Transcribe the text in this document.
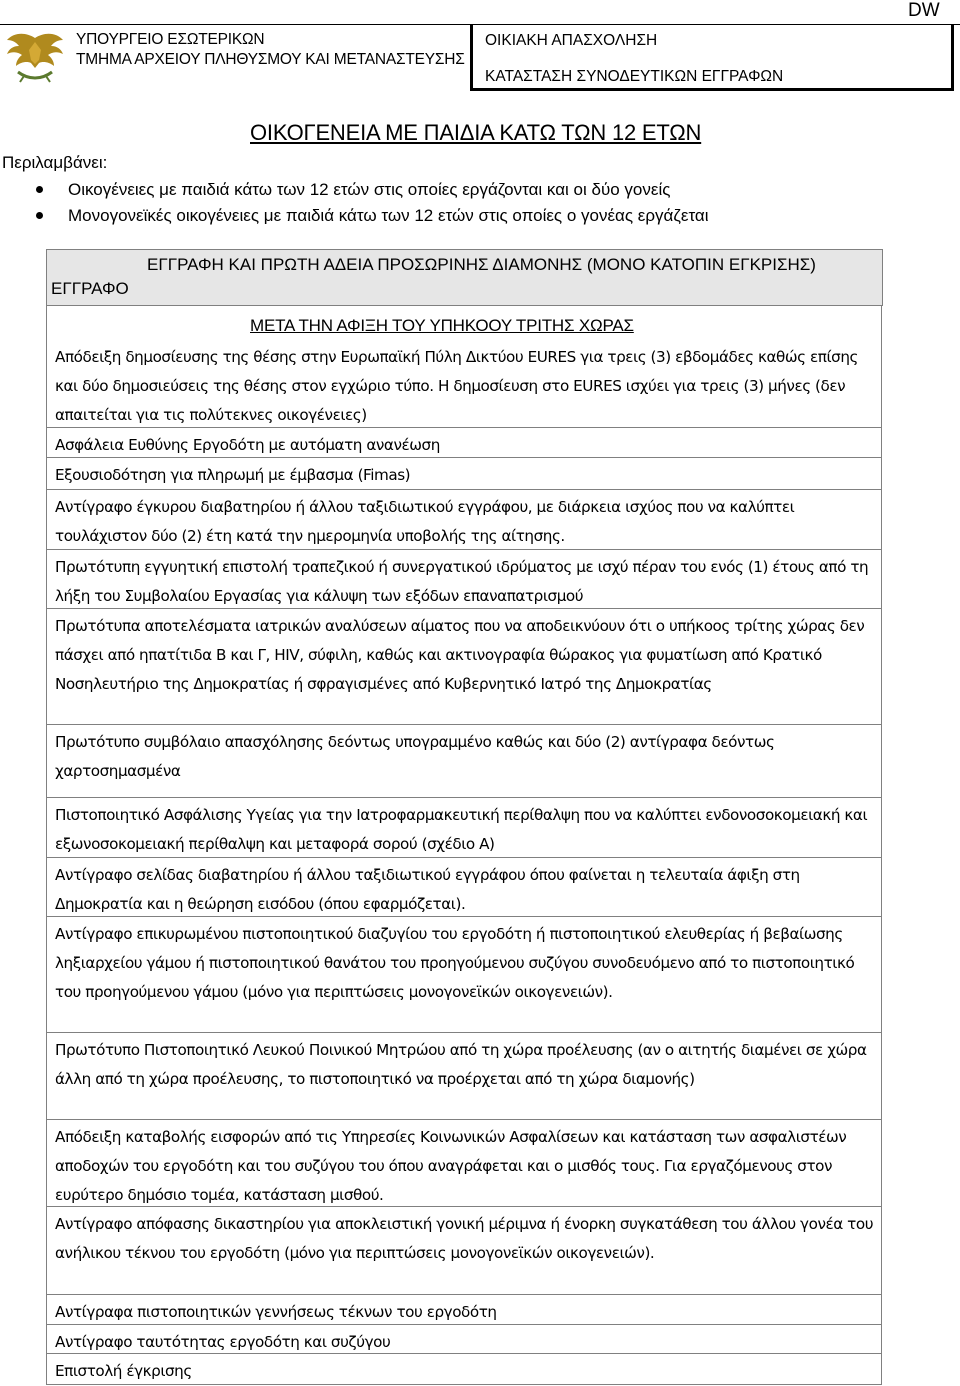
DW
ΥΠΟΥΡΓΕΙΟ ΕΣΩΤΕΡΙΚΩΝ
ΤΜΗΜΑ ΑΡΧΕΙΟΥ ΠΛΗΘΥΣΜΟΥ ΚΑΙ ΜΕΤΑΝΑΣΤΕΥΣΗΣ
ΟΙΚΙΑΚΗ ΑΠΑΣΧΟΛΗΣΗ
ΚΑΤΑΣΤΑΣΗ ΣΥΝΟΔΕΥΤΙΚΩΝ ΕΓΓΡΑΦΩΝ
ΟΙΚΟΓΕΝΕΙΑ ΜΕ ΠΑΙΔΙΑ ΚΑΤΩ ΤΩΝ 12 ΕΤΩΝ
Περιλαμβάνει:
Οικογένειες με παιδιά κάτω των 12 ετών στις οποίες εργάζονται και οι δύο γονείς
Μονογονεϊκές οικογένειες με παιδιά κάτω των 12 ετών στις οποίες ο γονέας εργάζεται
ΕΓΓΡΑΦΟ
ΕΓΓΡΑΦΗ ΚΑΙ ΠΡΩΤΗ ΑΔΕΙΑ ΠΡΟΣΩΡΙΝΗΣ ΔΙΑΜΟΝΗΣ (ΜΟΝΟ ΚΑΤΟΠΙΝ ΕΓΚΡΙΣΗΣ)
ΜΕΤΑ ΤΗΝ ΑΦΙΞΗ ΤΟΥ ΥΠΗΚΟΟΥ ΤΡΙΤΗΣ ΧΩΡΑΣ
Απόδειξη δημοσίευσης της θέσης στην Ευρωπαϊκή Πύλη Δικτύου EURES για τρεις (3) εβδομάδες καθώς επίσης και δύο δημοσιεύσεις της θέσης στον εγχώριο τύπο. Η δημοσίευση στο EURES ισχύει για τρεις (3) μήνες (δεν απαιτείται για τις πολύτεκνες οικογένειες)
Ασφάλεια Ευθύνης Εργοδότη με αυτόματη ανανέωση
Εξουσιοδότηση για πληρωμή με έμβασμα (Fimas)
Αντίγραφο έγκυρου διαβατηρίου ή άλλου ταξιδιωτικού εγγράφου, με διάρκεια ισχύος που να καλύπτει τουλάχιστον δύο (2) έτη κατά την ημερομηνία υποβολής της αίτησης.
Πρωτότυπη εγγυητική επιστολή τραπεζικού ή συνεργατικού ιδρύματος με ισχύ πέραν του ενός (1) έτους από τη λήξη του Συμβολαίου Εργασίας για κάλυψη των εξόδων επαναπατρισμού
Πρωτότυπα αποτελέσματα ιατρικών αναλύσεων αίματος που να αποδεικνύουν ότι ο υπήκοος τρίτης χώρας δεν πάσχει από ηπατίτιδα Β και Γ, HIV, σύφιλη, καθώς και ακτινογραφία θώρακος για φυματίωση από Κρατικό Νοσηλευτήριο της Δημοκρατίας ή σφραγισμένες από Κυβερνητικό Ιατρό της Δημοκρατίας
Πρωτότυπο συμβόλαιο απασχόλησης δεόντως υπογραμμένο καθώς και δύο (2) αντίγραφα δεόντως χαρτοσημασμένα
Πιστοποιητικό Ασφάλισης Υγείας για την Ιατροφαρμακευτική περίθαλψη που να καλύπτει ενδονοσοκομειακή και εξωνοσοκομειακή περίθαλψη και μεταφορά σορού (σχέδιο Α)
Αντίγραφο σελίδας διαβατηρίου ή άλλου ταξιδιωτικού εγγράφου όπου φαίνεται η τελευταία άφιξη στη Δημοκρατία και η θεώρηση εισόδου (όπου εφαρμόζεται).
Αντίγραφο επικυρωμένου πιστοποιητικού διαζυγίου του εργοδότη ή πιστοποιητικού ελευθερίας ή βεβαίωσης ληξιαρχείου γάμου ή πιστοποιητικού θανάτου του προηγούμενου συζύγου συνοδευόμενο από το πιστοποιητικό του προηγούμενου γάμου (μόνο για περιπτώσεις μονογονεϊκών οικογενειών).
Πρωτότυπο Πιστοποιητικό Λευκού Ποινικού Μητρώου από τη χώρα προέλευσης (αν ο αιτητής διαμένει σε χώρα άλλη από τη χώρα προέλευσης, το πιστοποιητικό να προέρχεται από τη χώρα διαμονής)
Απόδειξη καταβολής εισφορών από τις Υπηρεσίες Κοινωνικών Ασφαλίσεων και κατάσταση των ασφαλιστέων αποδοχών του εργοδότη και του συζύγου του όπου αναγράφεται και ο μισθός τους. Για εργαζόμενους στον ευρύτερο δημόσιο τομέα, κατάσταση μισθού.
Αντίγραφο απόφασης δικαστηρίου για αποκλειστική γονική μέριμνα ή ένορκη συγκατάθεση του άλλου γονέα του ανήλικου τέκνου του εργοδότη (μόνο για περιπτώσεις μονογονεϊκών οικογενειών).
Αντίγραφα πιστοποιητικών γεννήσεως τέκνων του εργοδότη
Αντίγραφο ταυτότητας εργοδότη και συζύγου
Επιστολή έγκρισης
